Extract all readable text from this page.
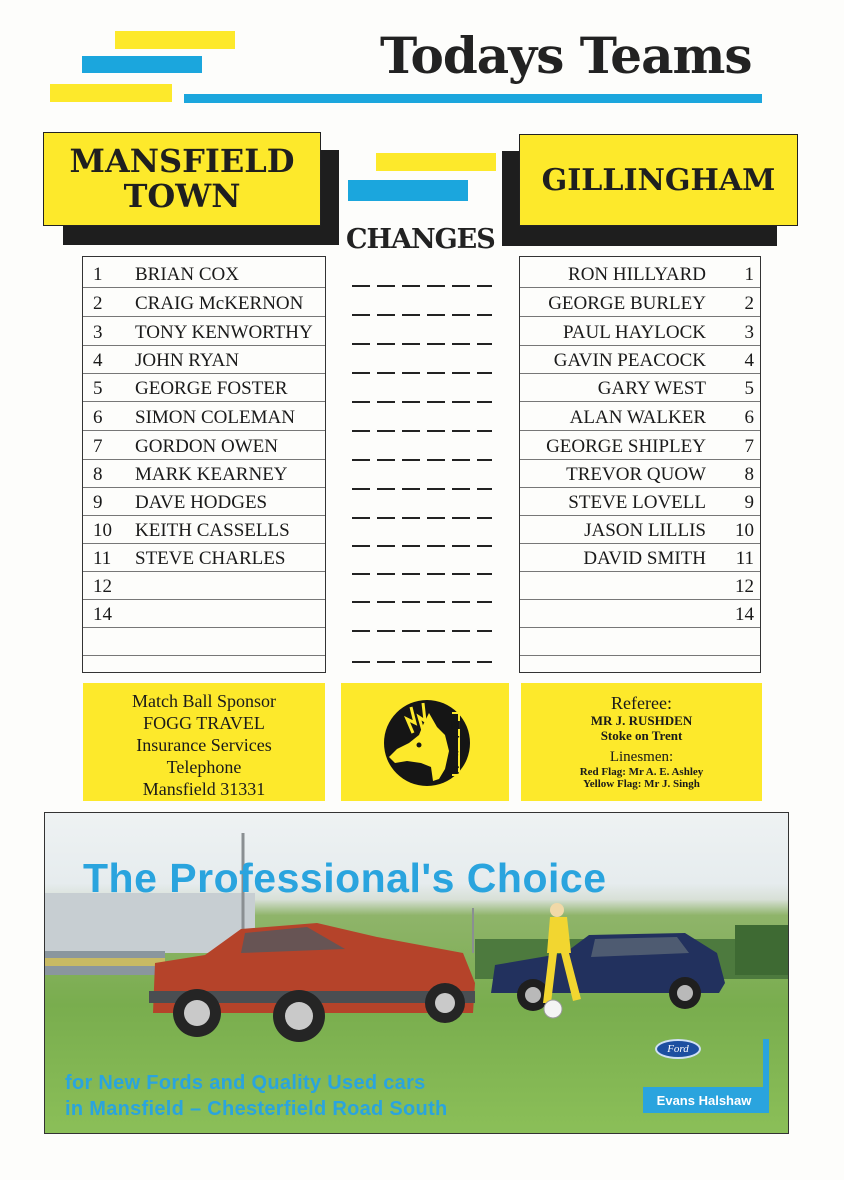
Todays Teams
MANSFIELD
TOWN
CHANGES
GILLINGHAM
1 BRIAN COX
2 CRAIG McKERNON
3 TONY KENWORTHY
4 JOHN RYAN
5 GEORGE FOSTER
6 SIMON COLEMAN
7 GORDON OWEN
8 MARK KEARNEY
9 DAVE HODGES
10 KEITH CASSELLS
11 STEVE CHARLES
12
14
RON HILLYARD 1
GEORGE BURLEY 2
PAUL HAYLOCK 3
GAVIN PEACOCK 4
GARY WEST 5
ALAN WALKER 6
GEORGE SHIPLEY 7
TREVOR QUOW 8
STEVE LOVELL 9
JASON LILLIS 10
DAVID SMITH 11
12
14
Match Ball Sponsor
FOGG TRAVEL
Insurance Services
Telephone
Mansfield 31331
M
T
F
C
Referee:
MR J. RUSHDEN
Stoke on Trent
Linesmen:
Red Flag: Mr A. E. Ashley
Yellow Flag: Mr J. Singh
The Professional's Choice
for New Fords and Quality Used cars
in Mansfield – Chesterfield Road South
Ford
Evans Halshaw
